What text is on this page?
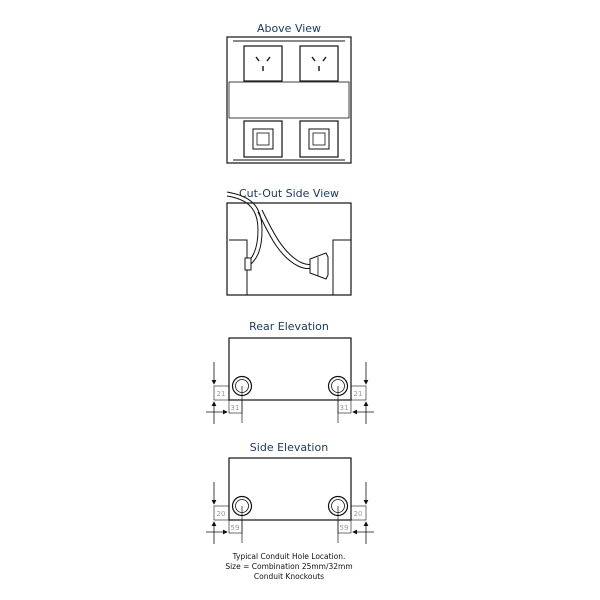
Above View
Cut-Out Side View
Rear Elevation
Side Elevation
21
31
21
31
20
59
20
59
Typical Conduit Hole Location.
Size = Combination 25mm/32mm
Conduit Knockouts
